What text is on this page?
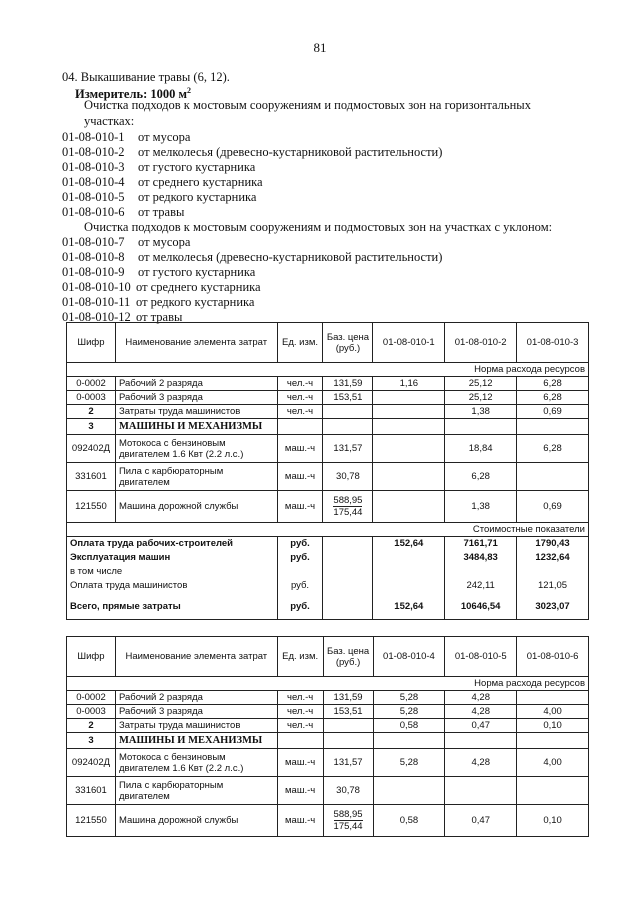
81
04. Выкашивание травы (6, 12).
Измеритель: 1000 $м^2$
Очистка подходов к мостовым сооружениям и подмостовых зон на горизонтальных
участках:
01-08-010-1 от мусора
01-08-010-2 от мелколесья (древесно-кустарниковой растительности)
01-08-010-3 от густого кустарника
01-08-010-4 от среднего кустарника
01-08-010-5 от редкого кустарника
01-08-010-6 от травы
Очистка подходов к мостовым сооружениям и подмостовых зон на участках с уклоном:
01-08-010-7 от мусора
01-08-010-8 от мелколесья (древесно-кустарниковой растительности)
01-08-010-9 от густого кустарника
01-08-010-10 от среднего кустарника
01-08-010-11 от редкого кустарника
01-08-010-12 от травы
Шифр	Наименование элемента затрат	Ед. изм.	Баз. цена (руб.)	01-08-010-1	01-08-010-2	01-08-010-3
Норма расхода ресурсов						
0-0002	Рабочий 2 разряда	чел.-ч	131,59	1,16	25,12	6,28
0-0003	Рабочий 3 разряда	чел.-ч	153,51		25,12	6,28
2	Затраты труда машинистов	чел.-ч			1,38	0,69
3	МАШИНЫ И МЕХАНИЗМЫ					
092402Д	Мотокоса с бензиновым двигателем 1.6 Квт (2.2 л.с.)	маш.-ч	131,57		18,84	6,28
331601	Пила с карбюраторным двигателем	маш.-ч	30,78		6,28	
121550	Машина дорожной службы	маш.-ч	588,95
175,44		1,38	0,69
Стоимостные показатели						
Оплата труда рабочих-строителей		руб.		152,64	7161,71	1790,43
Эксплуатация машин		руб.			3484,83	1232,64
в том числе						
Оплата труда машинистов		руб.			242,11	121,05
Всего, прямые затраты		руб.		152,64	10646,54	3023,07
Шифр	Наименование элемента затрат	Ед. изм.	Баз. цена (руб.)	01-08-010-4	01-08-010-5	01-08-010-6
Норма расхода ресурсов						
0-0002	Рабочий 2 разряда	чел.-ч	131,59	5,28	4,28	
0-0003	Рабочий 3 разряда	чел.-ч	153,51	5,28	4,28	4,00
2	Затраты труда машинистов	чел.-ч		0,58	0,47	0,10
3	МАШИНЫ И МЕХАНИЗМЫ					
092402Д	Мотокоса с бензиновым двигателем 1.6 Квт (2.2 л.с.)	маш.-ч	131,57	5,28	4,28	4,00
331601	Пила с карбюраторным двигателем	маш.-ч	30,78			
121550	Машина дорожной службы	маш.-ч	588,95
175,44	0,58	0,47	0,10
